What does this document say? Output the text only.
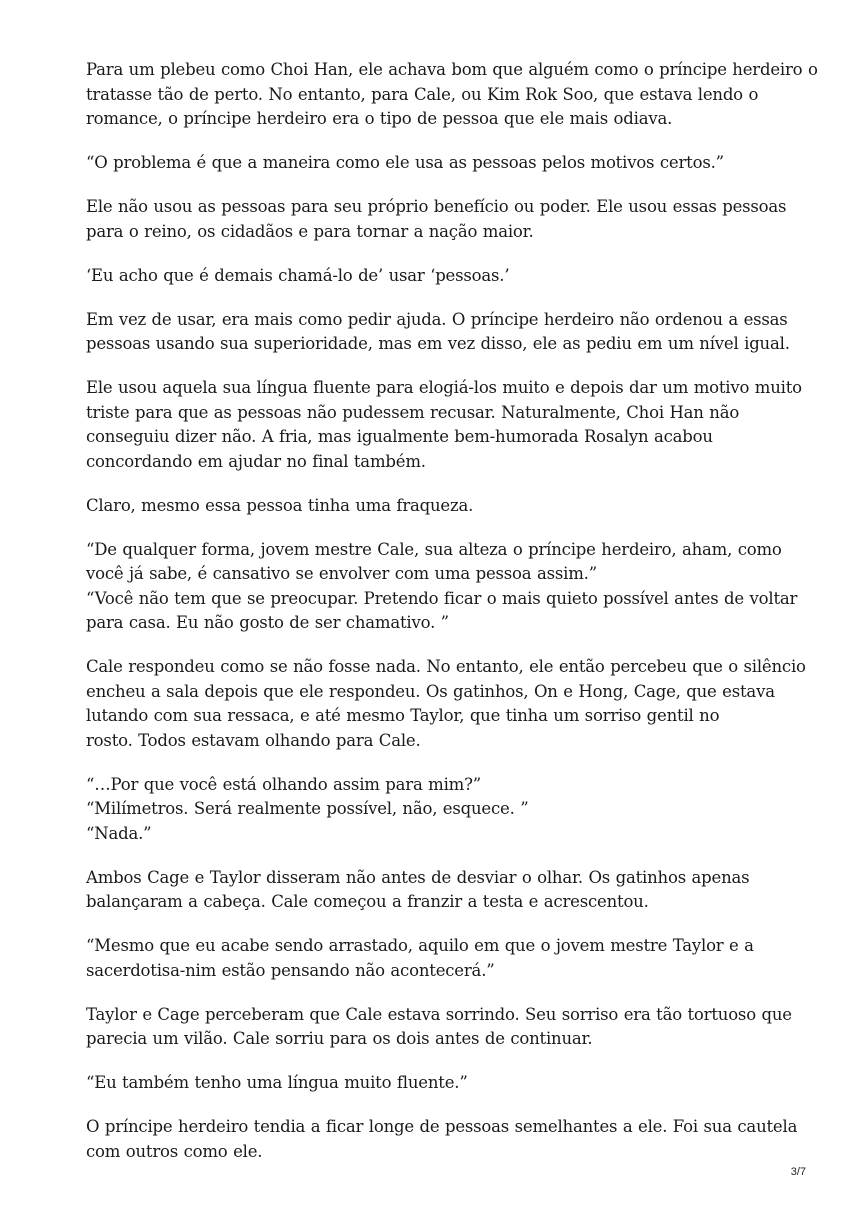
Para um plebeu como Choi Han, ele achava bom que alguém como o príncipe herdeiro o
tratasse tão de perto. No entanto, para Cale, ou Kim Rok Soo, que estava lendo o
romance, o príncipe herdeiro era o tipo de pessoa que ele mais odiava.

“O problema é que a maneira como ele usa as pessoas pelos motivos certos.”

Ele não usou as pessoas para seu próprio benefício ou poder. Ele usou essas pessoas
para o reino, os cidadãos e para tornar a nação maior.

‘Eu acho que é demais chamá-lo de’ usar ‘pessoas.’

Em vez de usar, era mais como pedir ajuda. O príncipe herdeiro não ordenou a essas
pessoas usando sua superioridade, mas em vez disso, ele as pediu em um nível igual.

Ele usou aquela sua língua fluente para elogiá-los muito e depois dar um motivo muito
triste para que as pessoas não pudessem recusar. Naturalmente, Choi Han não
conseguiu dizer não. A fria, mas igualmente bem-humorada Rosalyn acabou
concordando em ajudar no final também.

Claro, mesmo essa pessoa tinha uma fraqueza.

“De qualquer forma, jovem mestre Cale, sua alteza o príncipe herdeiro, aham, como
você já sabe, é cansativo se envolver com uma pessoa assim.”
“Você não tem que se preocupar. Pretendo ficar o mais quieto possível antes de voltar
para casa. Eu não gosto de ser chamativo. ”

Cale respondeu como se não fosse nada. No entanto, ele então percebeu que o silêncio
encheu a sala depois que ele respondeu. Os gatinhos, On e Hong, Cage, que estava
lutando com sua ressaca, e até mesmo Taylor, que tinha um sorriso gentil no
rosto. Todos estavam olhando para Cale.

“…Por que você está olhando assim para mim?”
“Milímetros. Será realmente possível, não, esquece. ”
“Nada.”

Ambos Cage e Taylor disseram não antes de desviar o olhar. Os gatinhos apenas
balançaram a cabeça. Cale começou a franzir a testa e acrescentou.

“Mesmo que eu acabe sendo arrastado, aquilo em que o jovem mestre Taylor e a
sacerdotisa-nim estão pensando não acontecerá.”

Taylor e Cage perceberam que Cale estava sorrindo. Seu sorriso era tão tortuoso que
parecia um vilão. Cale sorriu para os dois antes de continuar.

“Eu também tenho uma língua muito fluente.”

O príncipe herdeiro tendia a ficar longe de pessoas semelhantes a ele. Foi sua cautela
com outros como ele.

3/7
